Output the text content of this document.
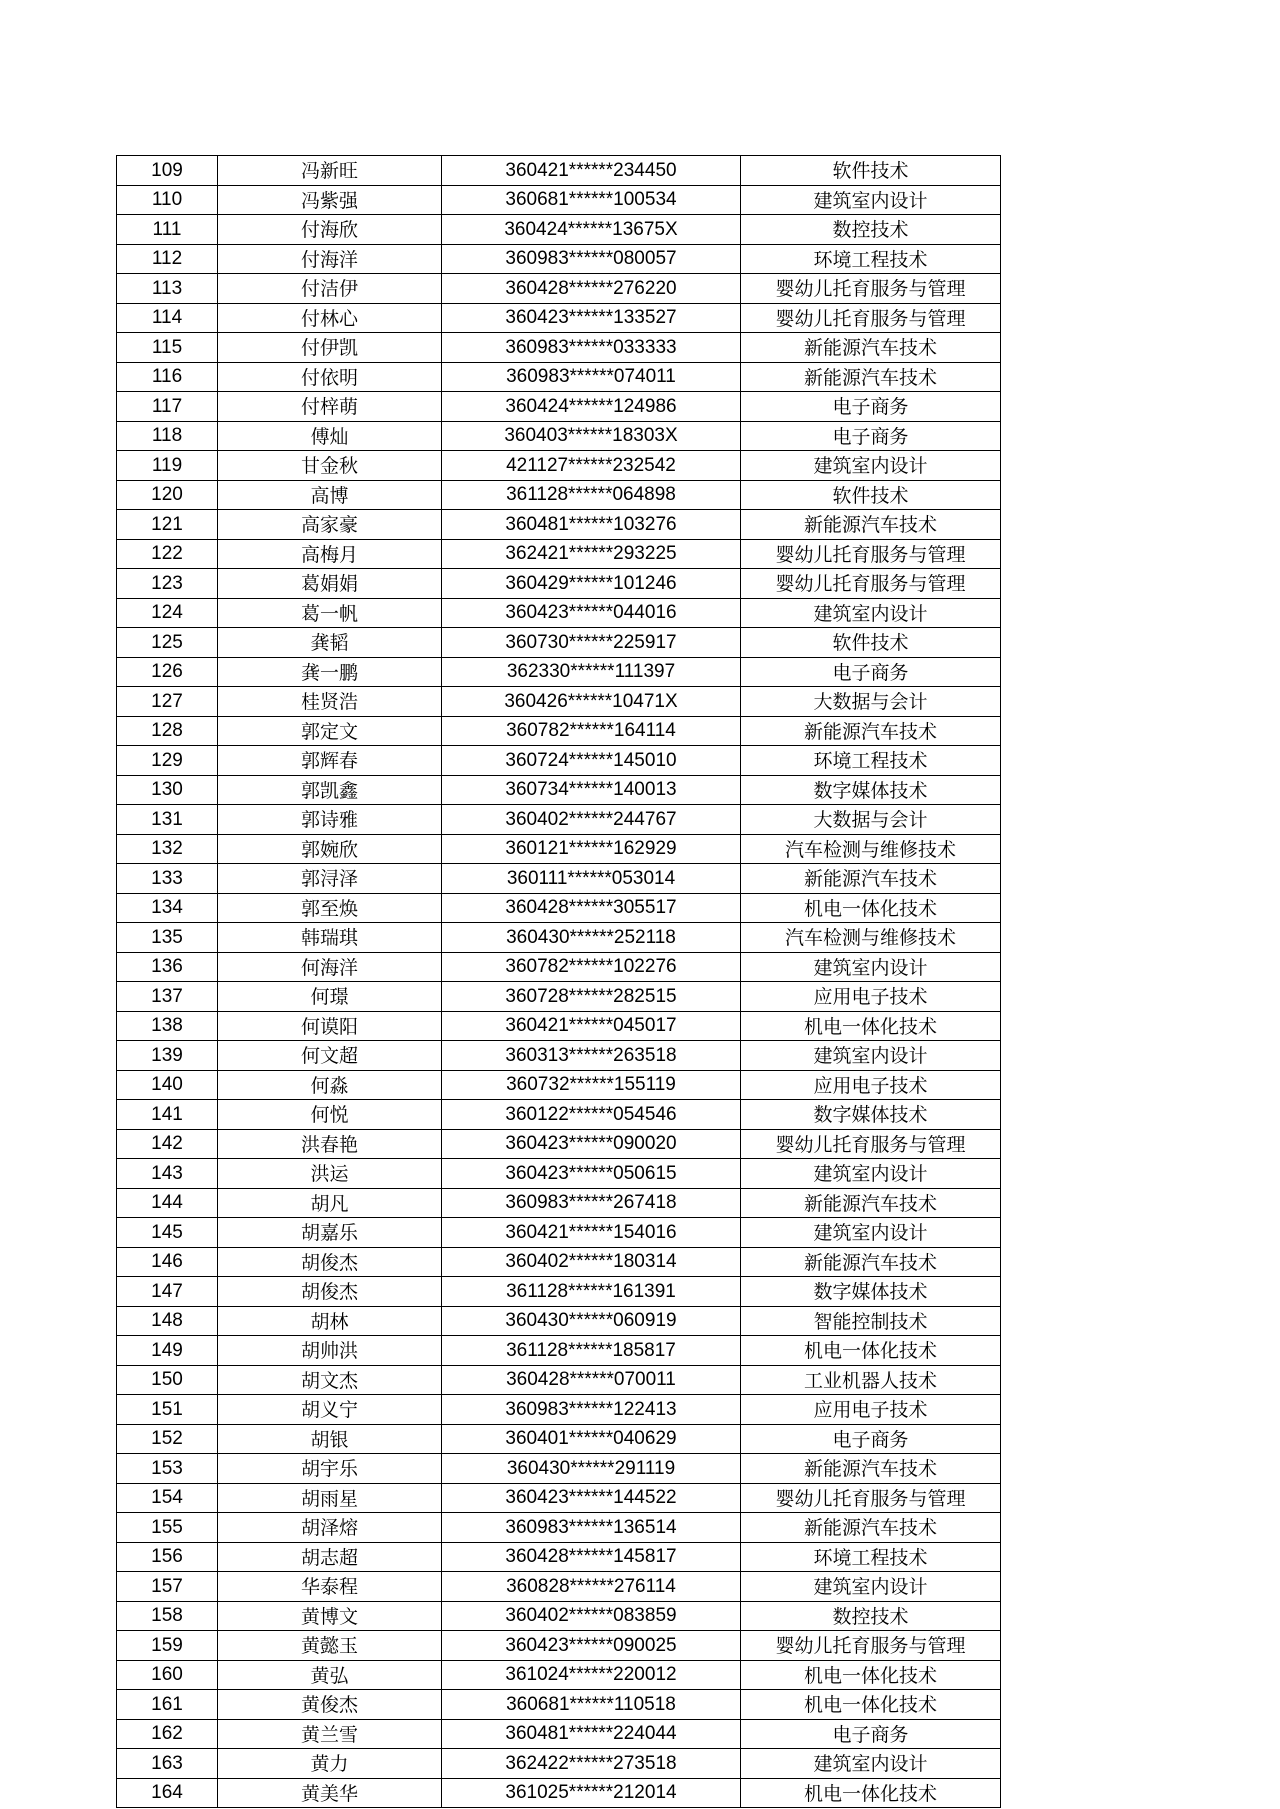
109	冯新旺	360421******234450	软件技术
110	冯紫强	360681******100534	建筑室内设计
111	付海欣	360424******13675X	数控技术
112	付海洋	360983******080057	环境工程技术
113	付洁伊	360428******276220	婴幼儿托育服务与管理
114	付林心	360423******133527	婴幼儿托育服务与管理
115	付伊凯	360983******033333	新能源汽车技术
116	付依明	360983******074011	新能源汽车技术
117	付梓萌	360424******124986	电子商务
118	傅灿	360403******18303X	电子商务
119	甘金秋	421127******232542	建筑室内设计
120	高博	361128******064898	软件技术
121	高家豪	360481******103276	新能源汽车技术
122	高梅月	362421******293225	婴幼儿托育服务与管理
123	葛娟娟	360429******101246	婴幼儿托育服务与管理
124	葛一帆	360423******044016	建筑室内设计
125	龚韬	360730******225917	软件技术
126	龚一鹏	362330******111397	电子商务
127	桂贤浩	360426******10471X	大数据与会计
128	郭定文	360782******164114	新能源汽车技术
129	郭辉春	360724******145010	环境工程技术
130	郭凯鑫	360734******140013	数字媒体技术
131	郭诗雅	360402******244767	大数据与会计
132	郭婉欣	360121******162929	汽车检测与维修技术
133	郭浔泽	360111******053014	新能源汽车技术
134	郭至焕	360428******305517	机电一体化技术
135	韩瑞琪	360430******252118	汽车检测与维修技术
136	何海洋	360782******102276	建筑室内设计
137	何璟	360728******282515	应用电子技术
138	何谟阳	360421******045017	机电一体化技术
139	何文超	360313******263518	建筑室内设计
140	何淼	360732******155119	应用电子技术
141	何悦	360122******054546	数字媒体技术
142	洪春艳	360423******090020	婴幼儿托育服务与管理
143	洪运	360423******050615	建筑室内设计
144	胡凡	360983******267418	新能源汽车技术
145	胡嘉乐	360421******154016	建筑室内设计
146	胡俊杰	360402******180314	新能源汽车技术
147	胡俊杰	361128******161391	数字媒体技术
148	胡林	360430******060919	智能控制技术
149	胡帅洪	361128******185817	机电一体化技术
150	胡文杰	360428******070011	工业机器人技术
151	胡义宁	360983******122413	应用电子技术
152	胡银	360401******040629	电子商务
153	胡宇乐	360430******291119	新能源汽车技术
154	胡雨星	360423******144522	婴幼儿托育服务与管理
155	胡泽熔	360983******136514	新能源汽车技术
156	胡志超	360428******145817	环境工程技术
157	华泰程	360828******276114	建筑室内设计
158	黄博文	360402******083859	数控技术
159	黄懿玉	360423******090025	婴幼儿托育服务与管理
160	黄弘	361024******220012	机电一体化技术
161	黄俊杰	360681******110518	机电一体化技术
162	黄兰雪	360481******224044	电子商务
163	黄力	362422******273518	建筑室内设计
164	黄美华	361025******212014	机电一体化技术
